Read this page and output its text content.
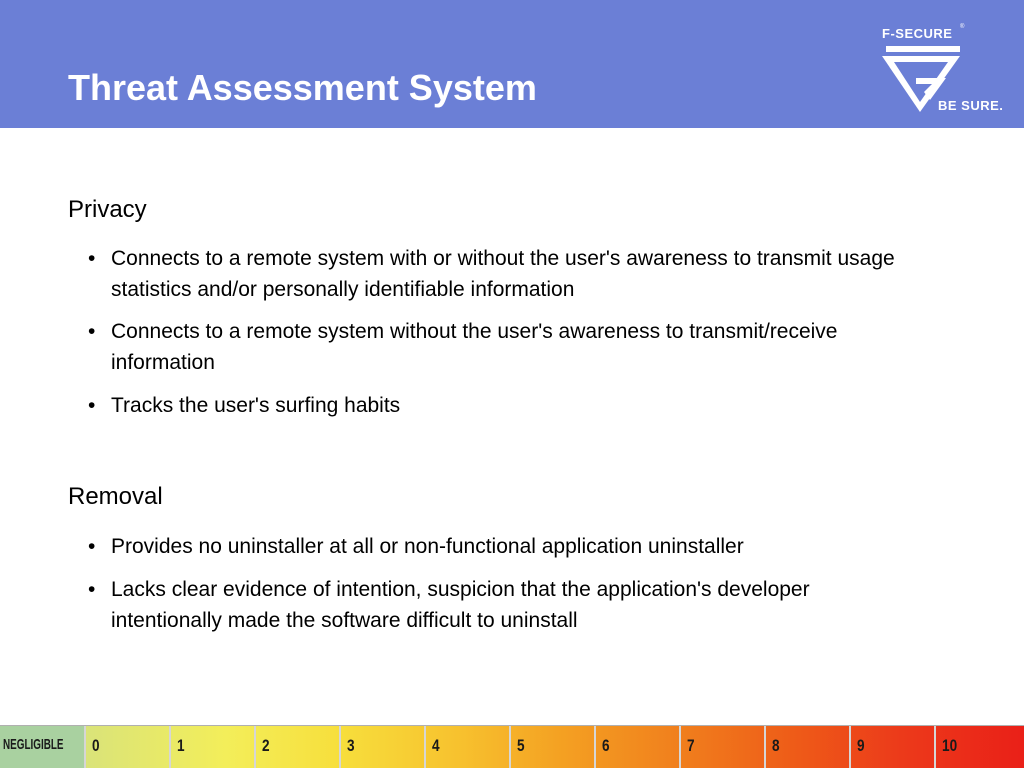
Threat Assessment System
F-SECURE ®
BE SURE.
Privacy
• Connects to a remote system with or without the user's awareness to transmit usage statistics and/or personally identifiable information
• Connects to a remote system without the user's awareness to transmit/receive information
• Tracks the user's surfing habits
Removal
• Provides no uninstaller at all or non-functional application uninstaller
• Lacks clear evidence of intention, suspicion that the application's developer intentionally made the software difficult to uninstall
NEGLIGIBLE 0	1	2	3	4	5	6	7	8	9	10
